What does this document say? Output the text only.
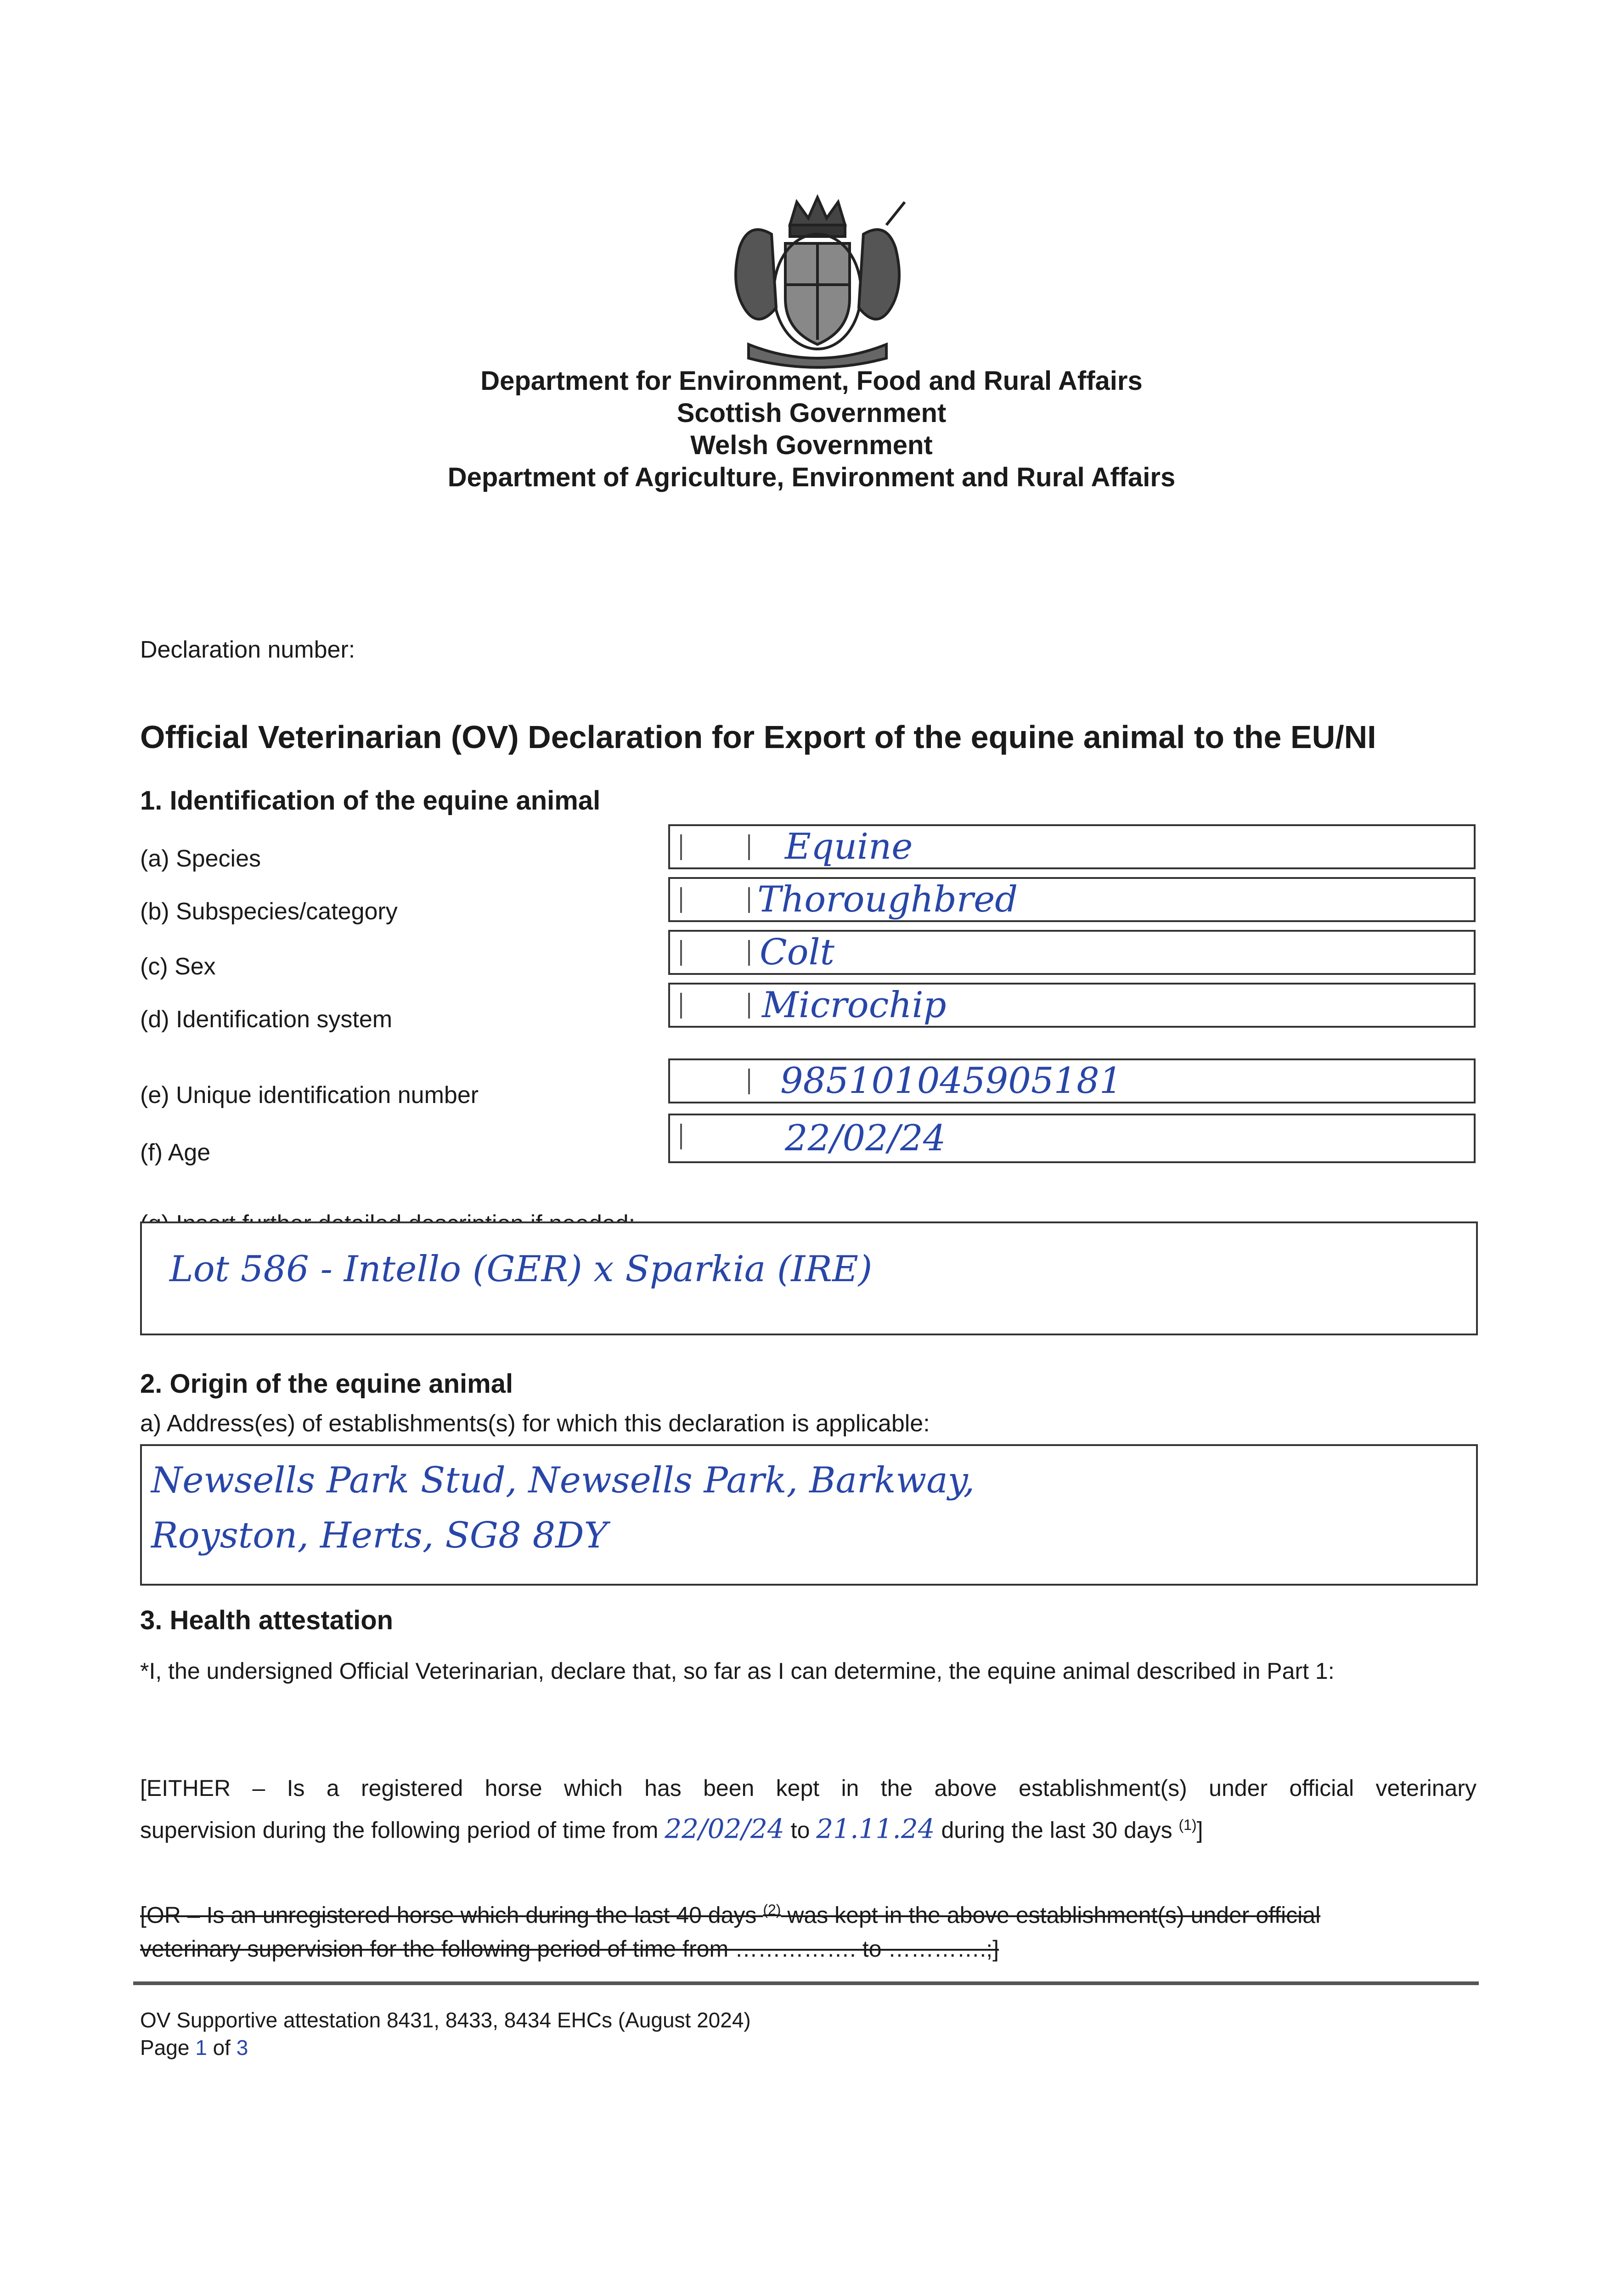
Department for Environment, Food and Rural Affairs
Scottish Government
Welsh Government
Department of Agriculture, Environment and Rural Affairs
Declaration number:
Official Veterinarian (OV) Declaration for Export of the equine animal to the EU/NI
1. Identification of the equine animal
(a) Species	Equine
(b) Subspecies/category	Thoroughbred
(c) Sex	Colt
(d) Identification system	Microchip
(e) Unique identification number	985101045905181
(f) Age	22/02/24
Lot 586 - Intello (GER) x Sparkia (IRE)
2. Origin of the equine animal
a) Address(es) of establishments(s) for which this declaration is applicable:
Newsells Park Stud, Newsells Park, Barkway,
Royston, Herts, SG8 8DY
3. Health attestation
*I, the undersigned Official Veterinarian, declare that, so far as I can determine, the equine animal described in Part 1:
[EITHER – Is a registered horse which has been kept in the above establishment(s) under official veterinary
supervision during the following period of time from 22/02/24 to 21.11.24 during the last 30 days $^{(1)}$]
[OR – Is an unregistered horse which during the last 40 days $^{(2)}$ was kept in the above establishment(s) under official
veterinary supervision for the following period of time from ……………. to ………….;]
OV Supportive attestation 8431, 8433, 8434 EHCs (August 2024)
Page 1 of 3
